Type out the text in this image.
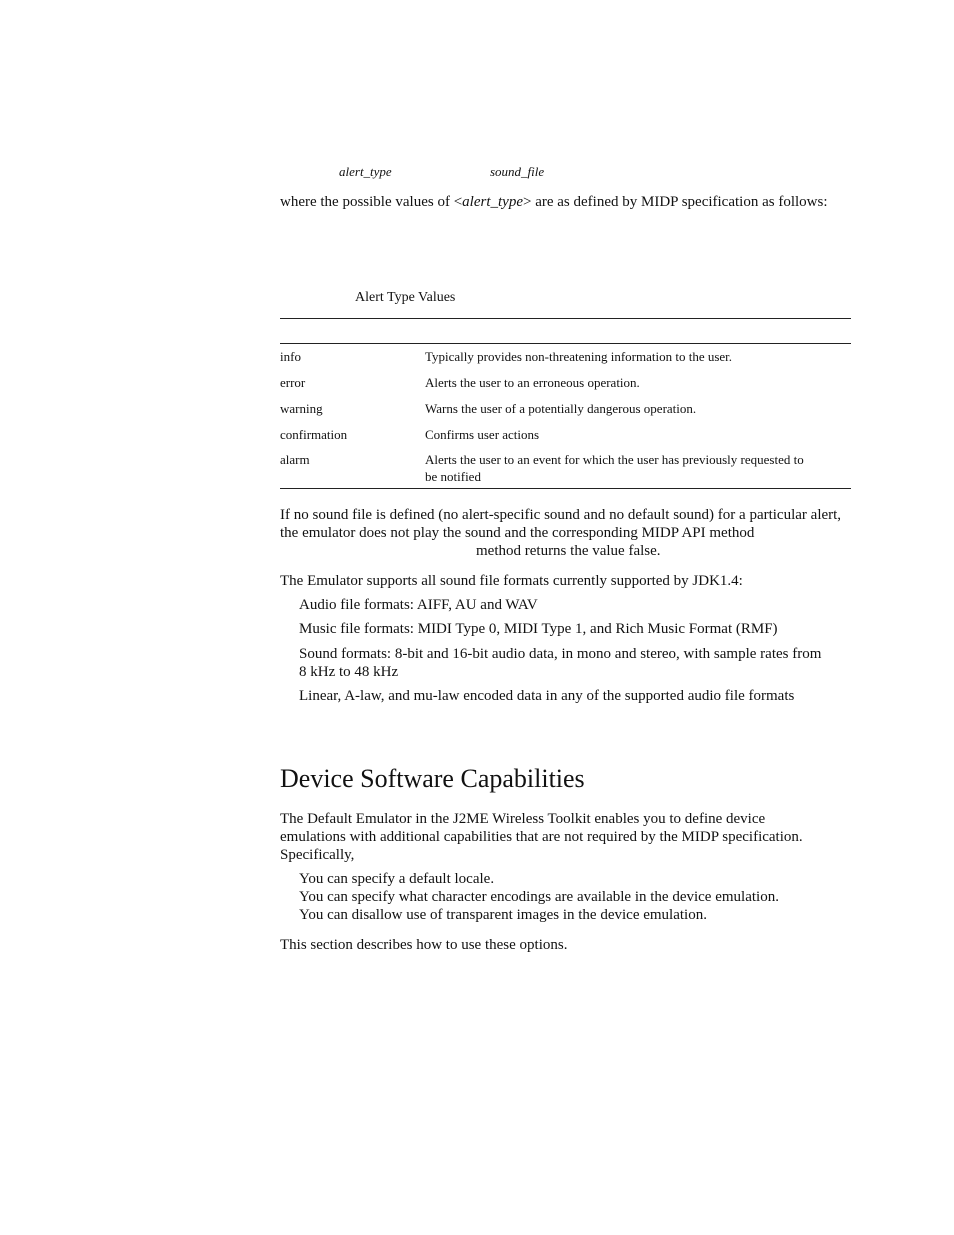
alert_type	sound_file

where the possible values of <alert_type> are as defined by MIDP specification as follows:

Alert Type Values
info	Typically provides non-threatening information to the user.
error	Alerts the user to an erroneous operation.
warning	Warns the user of a potentially dangerous operation.
confirmation	Confirms user actions
alarm	Alerts the user to an event for which the user has previously requested to be notified

If no sound file is defined (no alert-specific sound and no default sound) for a particular alert, the emulator does not play the sound and the corresponding MIDP API methodmethod returns the value false.

The Emulator supports all sound file formats currently supported by JDK1.4:

Audio file formats: AIFF, AU and WAV

Music file formats: MIDI Type 0, MIDI Type 1, and Rich Music Format (RMF)

Sound formats: 8-bit and 16-bit audio data, in mono and stereo, with sample rates from 8 kHz to 48 kHz

Linear, A-law, and mu-law encoded data in any of the supported audio file formats

Device Software Capabilities

The Default Emulator in the J2ME Wireless Toolkit enables you to define device emulations with additional capabilities that are not required by the MIDP specification. Specifically,

You can specify a default locale.

You can specify what character encodings are available in the device emulation.

You can disallow use of transparent images in the device emulation.

This section describes how to use these options.
